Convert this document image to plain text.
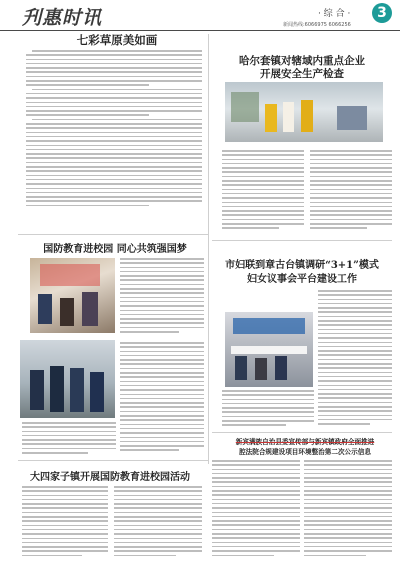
刋惠时讯	· 综 合 ·	3
新闻热线:6066975 6066256
七彩草原美如画
哈尔套镇对辖域内重点企业
开展安全生产检查
国防教育进校园 同心共筑强国梦
市妇联到章古台镇调研“3+1”模式
妇女议事会平台建设工作
新宾满族自治县委宣传部与新宾镇政府全面推进
腔法院合规建设项目环境整治第二次公示信息
大四家子镇开展国防教育进校园活动
